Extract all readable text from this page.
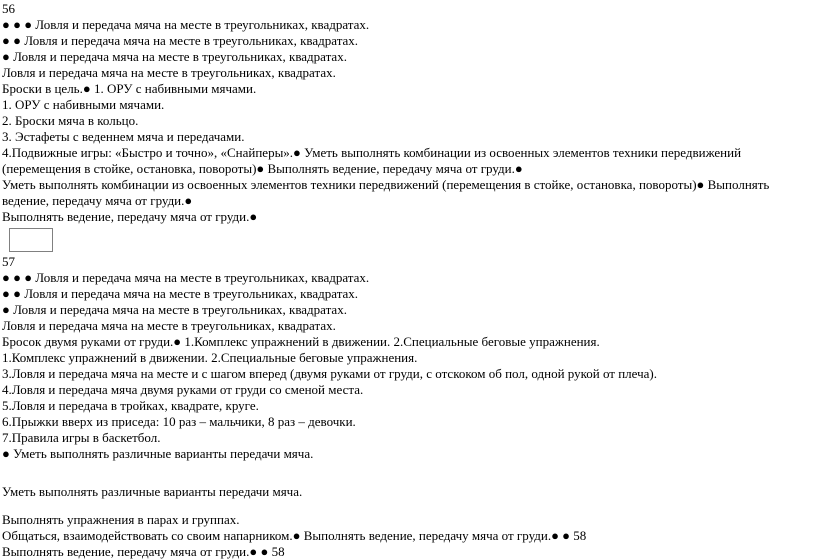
56
● ● ● Ловля и передача мяча на месте в треугольниках, квадратах.
● ● Ловля и передача мяча на месте в треугольниках, квадратах.
● Ловля и передача мяча на месте в треугольниках, квадратах.
Ловля и передача мяча на месте в треугольниках, квадратах.
Броски в цель.● 1. ОРУ с набивными мячами.
1. ОРУ с набивными мячами.
2. Броски мяча в кольцо.
3. Эстафеты с веденнем мяча и передачами.
4.Подвижные игры: «Быстро и точно», «Снайперы».● Уметь выполнять комбинации из освоенных элементов техники передвижений (перемещения в стойке, остановка, повороты)● Выполнять ведение, передачу мяча от груди.●
Уметь выполнять комбинации из освоенных элементов техники передвижений (перемещения в стойке, остановка, повороты)● Выполнять ведение, передачу мяча от груди.●
Выполнять ведение, передачу мяча от груди.●
57
● ● ● Ловля и передача мяча на месте в треугольниках, квадратах.
● ● Ловля и передача мяча на месте в треугольниках, квадратах.
● Ловля и передача мяча на месте в треугольниках, квадратах.
Ловля и передача мяча на месте в треугольниках, квадратах.
Бросок двумя руками от груди.● 1.Комплекс упражнений в движении. 2.Специальные беговые упражнения.
1.Комплекс упражнений в движении. 2.Специальные беговые упражнения.
3.Ловля и передача мяча на месте и с шагом вперед (двумя руками от груди, с отскоком об пол, одной рукой от плеча).
4.Ловля и передача мяча двумя руками от груди со сменой места.
5.Ловля и передача в тройках, квадрате, круге.
6.Прыжки вверх из приседа: 10 раз – мальчики, 8 раз – девочки.
7.Правила игры в баскетбол.
● Уметь выполнять различные варианты передачи мяча.
Уметь выполнять различные варианты передачи мяча.
Выполнять упражнения в парах и группах.
Общаться, взаимодействовать со своим напарником.● Выполнять ведение, передачу мяча от груди.● ● 58
Выполнять ведение, передачу мяча от груди.● ● 58
